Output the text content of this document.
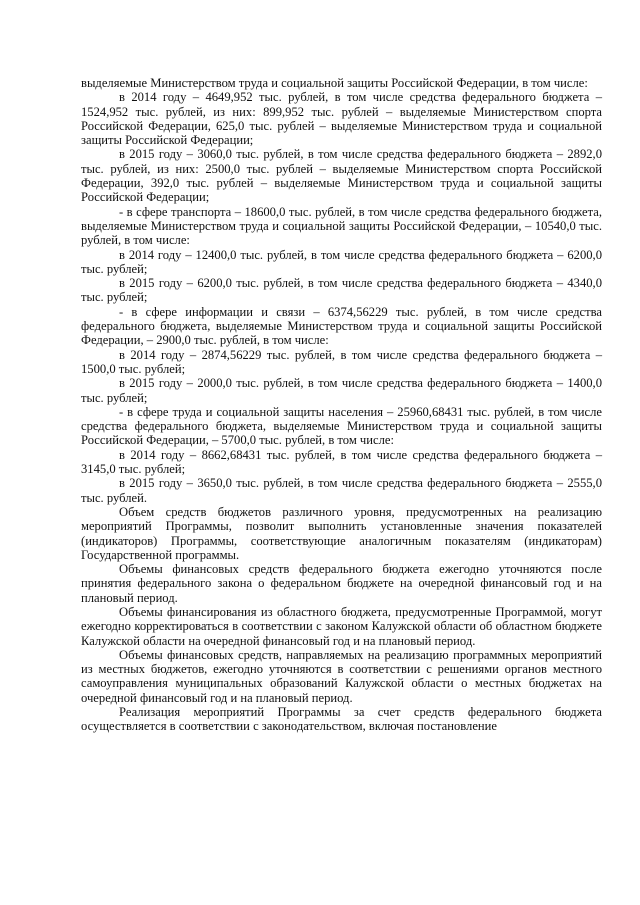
выделяемые Министерством труда и социальной защиты Российской Федерации, в том числе:

в 2014 году – 4649,952 тыс. рублей, в том числе средства федерального бюджета – 1524,952 тыс. рублей, из них: 899,952 тыс. рублей – выделяемые Министерством спорта Российской Федерации, 625,0 тыс. рублей – выделяемые Министерством труда и социальной защиты Российской Федерации;

в 2015 году – 3060,0 тыс. рублей, в том числе средства федерального бюджета – 2892,0 тыс. рублей, из них: 2500,0 тыс. рублей – выделяемые Министерством спорта Российской Федерации, 392,0 тыс. рублей – выделяемые Министерством труда и социальной защиты Российской Федерации;

- в сфере транспорта – 18600,0 тыс. рублей, в том числе средства федерального бюджета, выделяемые Министерством труда и социальной защиты Российской Федерации, – 10540,0 тыс. рублей, в том числе:

в 2014 году – 12400,0 тыс. рублей, в том числе средства федерального бюджета – 6200,0 тыс. рублей;

в 2015 году – 6200,0 тыс. рублей, в том числе средства федерального бюджета – 4340,0 тыс. рублей;

- в сфере информации и связи – 6374,56229 тыс. рублей, в том числе средства федерального бюджета, выделяемые Министерством труда и социальной защиты Российской Федерации, – 2900,0 тыс. рублей, в том числе:

в 2014 году – 2874,56229 тыс. рублей, в том числе средства федерального бюджета – 1500,0 тыс. рублей;

в 2015 году – 2000,0 тыс. рублей, в том числе средства федерального бюджета – 1400,0 тыс. рублей;

- в сфере труда и социальной защиты населения – 25960,68431 тыс. рублей, в том числе средства федерального бюджета, выделяемые Министерством труда и социальной защиты Российской Федерации, – 5700,0 тыс. рублей, в том числе:

в 2014 году – 8662,68431 тыс. рублей, в том числе средства федерального бюджета – 3145,0 тыс. рублей;

в 2015 году – 3650,0 тыс. рублей, в том числе средства федерального бюджета – 2555,0 тыс. рублей.

Объем средств бюджетов различного уровня, предусмотренных на реализацию мероприятий Программы, позволит выполнить установленные значения показателей (индикаторов) Программы, соответствующие аналогичным показателям (индикаторам) Государственной программы.

Объемы финансовых средств федерального бюджета ежегодно уточняются после принятия федерального закона о федеральном бюджете на очередной финансовый год и на плановый период.

Объемы финансирования из областного бюджета, предусмотренные Программой, могут ежегодно корректироваться в соответствии с законом Калужской области об областном бюджете Калужской области на очередной финансовый год и на плановый период.

Объемы финансовых средств, направляемых на реализацию программных мероприятий из местных бюджетов, ежегодно уточняются в соответствии с решениями органов местного самоуправления муниципальных образований Калужской области о местных бюджетах на очередной финансовый год и на плановый период.

Реализация мероприятий Программы за счет средств федерального бюджета осуществляется в соответствии с законодательством, включая постановление
